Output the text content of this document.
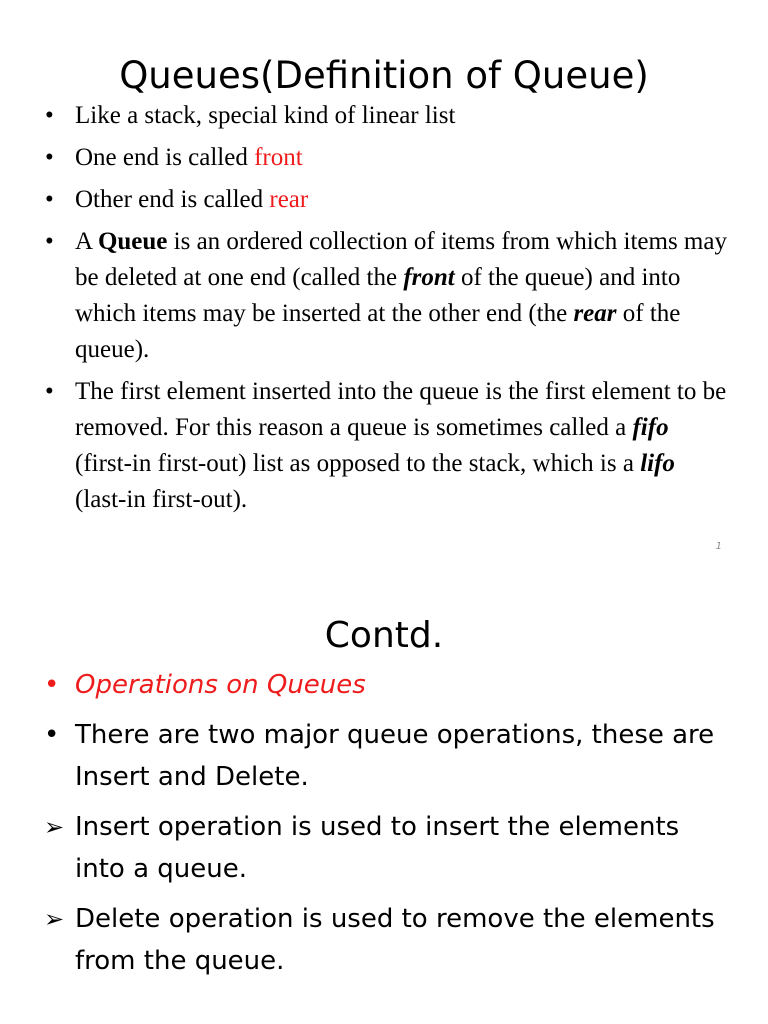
Queues(Definition of Queue)
• Like a stack, special kind of linear list
• One end is called front
• Other end is called rear
• A Queue is an ordered collection of items from which items may be deleted at one end (called the front of the queue) and into which items may be inserted at the other end (the rear of the queue).
• The first element inserted into the queue is the first element to be removed. For this reason a queue is sometimes called a fifo (first-in first-out) list as opposed to the stack, which is a lifo (last-in first-out).
1
Contd.
• Operations on Queues
• There are two major queue operations, these are Insert and Delete.
➢ Insert operation is used to insert the elements into a queue.
➢ Delete operation is used to remove the elements from the queue.
